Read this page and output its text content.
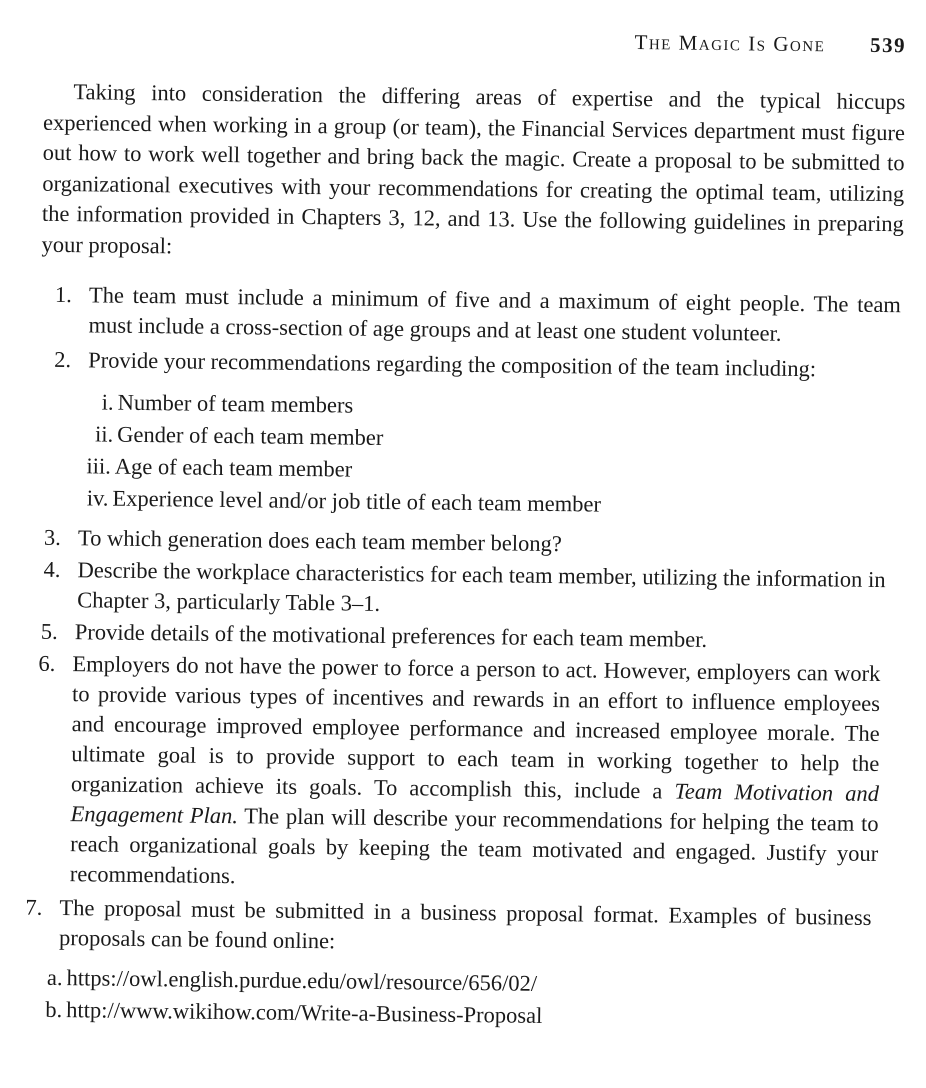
The Magic Is Gone 539

Taking into consideration the differing areas of expertise and the typical hiccups experienced when working in a group (or team), the Financial Services department must figure out how to work well together and bring back the magic. Create a proposal to be submitted to organizational executives with your recommendations for creating the optimal team, utilizing the information provided in Chapters 3, 12, and 13. Use the following guidelines in preparing your proposal:

1. The team must include a minimum of five and a maximum of eight people. The team must include a cross-section of age groups and at least one student volunteer.
2. Provide your recommendations regarding the composition of the team including:
i. Number of team members
ii. Gender of each team member
iii. Age of each team member
iv. Experience level and/or job title of each team member
3. To which generation does each team member belong?
4. Describe the workplace characteristics for each team member, utilizing the information in Chapter 3, particularly Table 3–1.
5. Provide details of the motivational preferences for each team member.
6. Employers do not have the power to force a person to act. However, employers can work to provide various types of incentives and rewards in an effort to influence employees and encourage improved employee performance and increased employee morale. The ultimate goal is to provide support to each team in working together to help the organization achieve its goals. To accomplish this, include a Team Motivation and Engagement Plan. The plan will describe your recommendations for helping the team to reach organizational goals by keeping the team motivated and engaged. Justify your recommendations.
7. The proposal must be submitted in a business proposal format. Examples of business proposals can be found online:
a. https://owl.english.purdue.edu/owl/resource/656/02/
b. http://www.wikihow.com/Write-a-Business-Proposal
